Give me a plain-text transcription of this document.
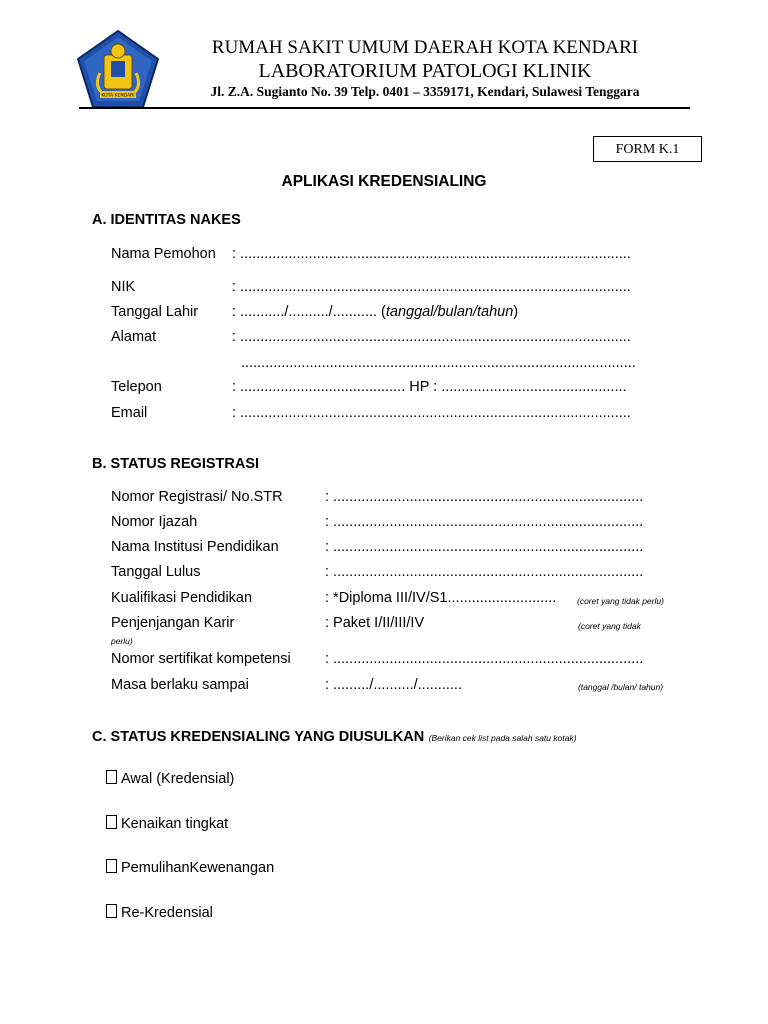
KOTA KENDARI
RUMAH SAKIT UMUM DAERAH KOTA KENDARI
LABORATORIUM PATOLOGI KLINIK
Jl. Z.A. Sugianto No. 39 Telp. 0401 – 3359171, Kendari, Sulawesi Tenggara
FORM K.1
APLIKASI KREDENSIALING
A. IDENTITAS NAKES
Nama Pemohon : .................................................................................................
NIK	: .................................................................................................
Tanggal Lahir : .........../........../........... (tanggal/bulan/tahun)
Alamat	: .................................................................................................
..................................................................................................
Telepon	: ......................................... HP : ..............................................
Email	: .................................................................................................
B. STATUS REGISTRASI
Nomor Registrasi/ No.STR	: .............................................................................
Nomor Ijazah	: .............................................................................
Nama Institusi Pendidikan	: .............................................................................
Tanggal Lulus	: .............................................................................
Kualifikasi Pendidikan	: *Diploma III/IV/S1........................... (coret yang tidak perlu)
Penjenjangan Karir	: Paket I/II/III/IV	(coret yang tidak
perlu)
Nomor sertifikat kompetensi : .............................................................................
Masa berlaku sampai	: ........./........../...........	(tanggal /bulan/ tahun)
C. STATUS KREDENSIALING YANG DIUSULKAN (Berikan cek list pada salah satu kotak)
Awal (Kredensial)
Kenaikan tingkat
PemulihanKewenangan
Re-Kredensial
